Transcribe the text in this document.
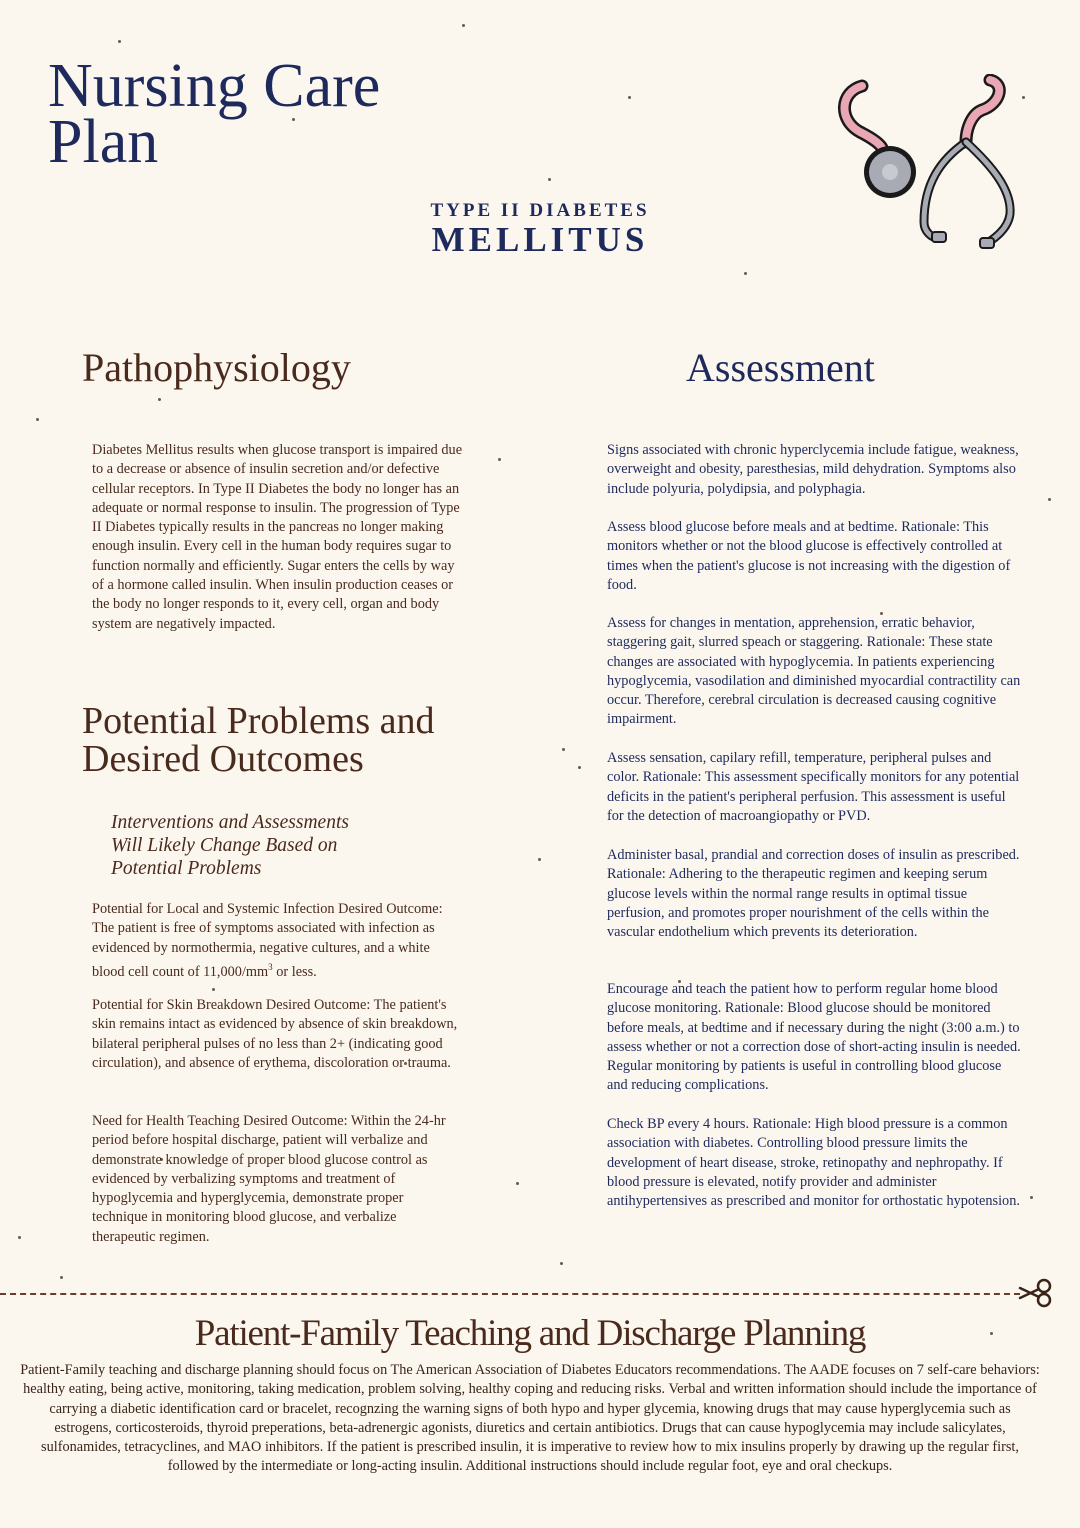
Nursing Care
Plan
TYPE II DIABETES
MELLITUS
Pathophysiology

Diabetes Mellitus results when glucose transport is impaired due to a decrease or absence of insulin secretion and/or defective cellular receptors. In Type II Diabetes the body no longer has an adequate or normal response to insulin. The progression of Type II Diabetes typically results in the pancreas no longer making enough insulin. Every cell in the human body requires sugar to function normally and efficiently. Sugar enters the cells by way of a hormone called insulin. When insulin production ceases or the body no longer responds to it, every cell, organ and body system are negatively impacted.

Potential Problems and
Desired Outcomes

Interventions and Assessments
Will Likely Change Based on
Potential Problems

Potential for Local and Systemic Infection Desired Outcome: The patient is free of symptoms associated with infection as evidenced by normothermia, negative cultures, and a white blood cell count of $11,000/mm^3$ or less.

Potential for Skin Breakdown Desired Outcome: The patient's skin remains intact as evidenced by absence of skin breakdown, bilateral peripheral pulses of no less than 2+ (indicating good circulation), and absence of erythema, discoloration or trauma.

Need for Health Teaching Desired Outcome: Within the 24-hr period before hospital discharge, patient will verbalize and demonstrate knowledge of proper blood glucose control as evidenced by verbalizing symptoms and treatment of hypoglycemia and hyperglycemia, demonstrate proper technique in monitoring blood glucose, and verbalize therapeutic regimen.

Assessment

Signs associated with chronic hyperclycemia include fatigue, weakness, overweight and obesity, paresthesias, mild dehydration. Symptoms also include polyuria, polydipsia, and polyphagia.

Assess blood glucose before meals and at bedtime. Rationale: This monitors whether or not the blood glucose is effectively controlled at times when the patient's glucose is not increasing with the digestion of food.

Assess for changes in mentation, apprehension, erratic behavior, staggering gait, slurred speach or staggering. Rationale: These state changes are associated with hypoglycemia. In patients experiencing hypoglycemia, vasodilation and diminished myocardial contractility can occur. Therefore, cerebral circulation is decreased causing cognitive impairment.

Assess sensation, capilary refill, temperature, peripheral pulses and color. Rationale: This assessment specifically monitors for any potential deficits in the patient's peripheral perfusion. This assessment is useful for the detection of macroangiopathy or PVD.

Administer basal, prandial and correction doses of insulin as prescribed. Rationale: Adhering to the therapeutic regimen and keeping serum glucose levels within the normal range results in optimal tissue perfusion, and promotes proper nourishment of the cells within the vascular endothelium which prevents its deterioration.

Encourage and teach the patient how to perform regular home blood glucose monitoring. Rationale: Blood glucose should be monitored before meals, at bedtime and if necessary during the night (3:00 a.m.) to assess whether or not a correction dose of short-acting insulin is needed. Regular monitoring by patients is useful in controlling blood glucose and reducing complications.

Check BP every 4 hours. Rationale: High blood pressure is a common association with diabetes. Controlling blood pressure limits the development of heart disease, stroke, retinopathy and nephropathy. If blood pressure is elevated, notify provider and administer antihypertensives as prescribed and monitor for orthostatic hypotension.

Patient-Family Teaching and Discharge Planning

Patient-Family teaching and discharge planning should focus on The American Association of Diabetes Educators recommendations. The AADE focuses on 7 self-care behaviors: healthy eating, being active, monitoring, taking medication, problem solving, healthy coping and reducing risks. Verbal and written information should include the importance of carrying a diabetic identification card or bracelet, recognzing the warning signs of both hypo and hyper glycemia, knowing drugs that may cause hyperglycemia such as estrogens, corticosteroids, thyroid preperations, beta-adrenergic agonists, diuretics and certain antibiotics. Drugs that can cause hypoglycemia may include salicylates, sulfonamides, tetracyclines, and MAO inhibitors. If the patient is prescribed insulin, it is imperative to review how to mix insulins properly by drawing up the regular first, followed by the intermediate or long-acting insulin. Additional instructions should include regular foot, eye and oral checkups.
